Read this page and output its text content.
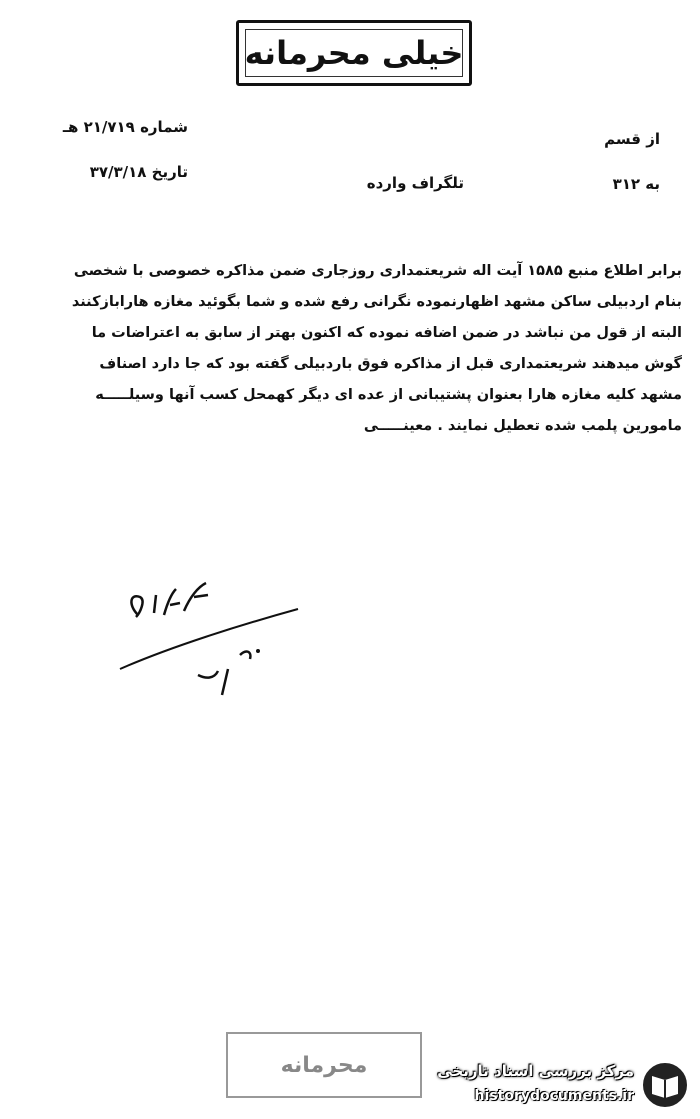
خیلی محرمانه
شماره ۲۱/۷۱۹ هـ
تاریخ ۳۷/۳/۱۸
از قسم
به ۳۱۲
تلگراف وارده
برابر اطلاع منبع ۱۵۸۵ آیت اله شریعتمداری روزجاری ضمن مذاکره خصوصی با شخصی
بنام اردبیلی ساکن مشهد اظهارنموده نگرانی رفع شده و شما بگوئید مغازه هارابازکنند
البته از قول من نباشد در ضمن اضافه نموده که اکنون بهتر از سابق به اعتراضات ما
گوش میدهند شریعتمداری قبل از مذاکره فوق باردبیلی گفته بود که جا دارد اصناف
مشهد کلیه مغازه هارا بعنوان پشتیبانی از عده ای دیگر کهمحل کسب آنها وسیلـــــه
مامورین پلمب شده تعطیل نمایند . معینـــــی
محرمانه	مرکز بررسی اسناد تاریخی
historydocuments.ir
